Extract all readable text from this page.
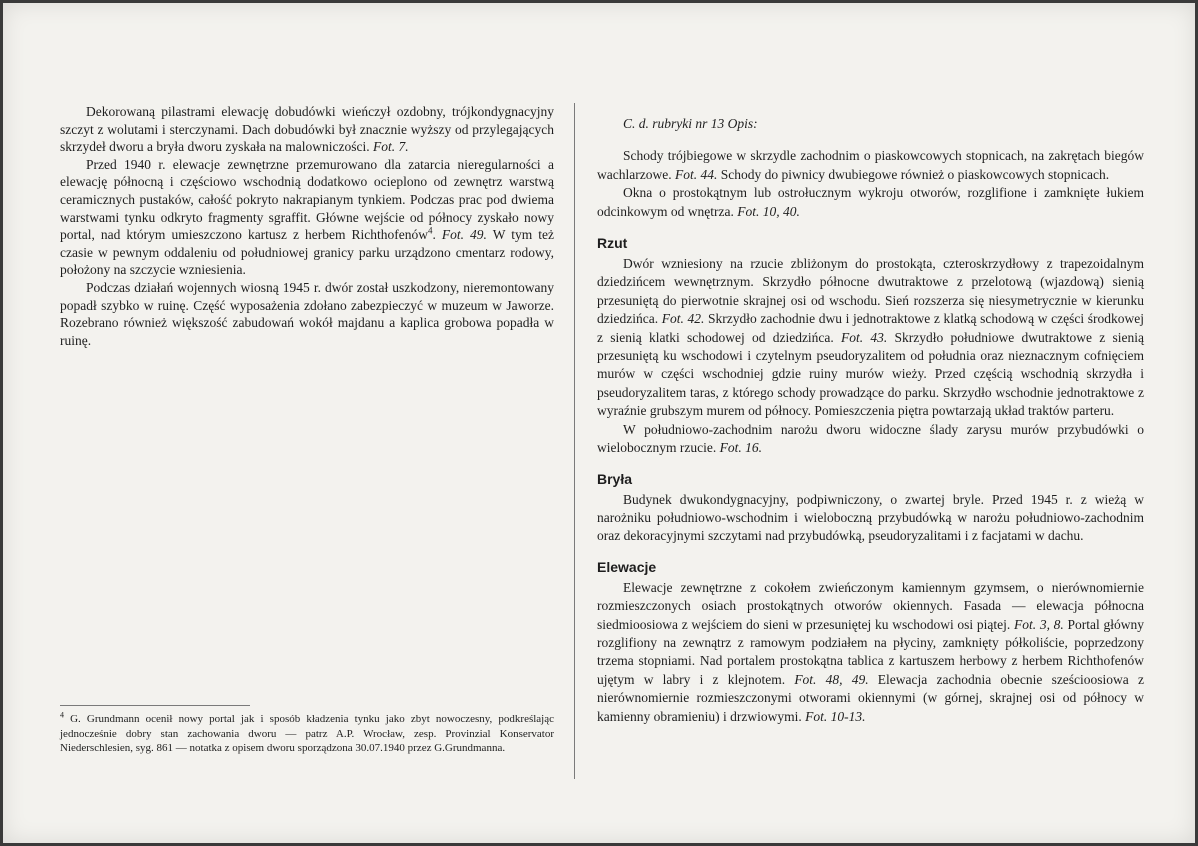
Dekorowaną pilastrami elewację dobudówki wieńczył ozdobny, trójkondygnacyjny szczyt z wolutami i sterczynami. Dach dobudówki był znacznie wyższy od przylegających skrzydeł dworu a bryła dworu zyskała na malowniczości. Fot. 7.

Przed 1940 r. elewacje zewnętrzne przemurowano dla zatarcia nieregularności a elewację północną i częściowo wschodnią dodatkowo ocieplono od zewnętrz warstwą ceramicznych pustaków, całość pokryto nakrapianym tynkiem. Podczas prac pod dwiema warstwami tynku odkryto fragmenty sgraffit. Główne wejście od północy zyskało nowy portal, nad którym umieszczono kartusz z herbem Richthofenów$^4$. Fot. 49. W tym też czasie w pewnym oddaleniu od południowej granicy parku urządzono cmentarz rodowy, położony na szczycie wzniesienia.

Podczas działań wojennych wiosną 1945 r. dwór został uszkodzony, nieremontowany popadł szybko w ruinę. Część wyposażenia zdołano zabezpieczyć w muzeum w Jaworze. Rozebrano również większość zabudowań wokół majdanu a kaplica grobowa popadła w ruinę.

$^4$ G. Grundmann ocenił nowy portal jak i sposób kładzenia tynku jako zbyt nowoczesny, podkreślając jednocześnie dobry stan zachowania dworu — patrz A.P. Wrocław, zesp. Provinzial Konservator Niederschlesien, syg. 861 — notatka z opisem dworu sporządzona 30.07.1940 przez G.Grundmanna.

C. d. rubryki nr 13 Opis:

Schody trójbiegowe w skrzydle zachodnim o piaskowcowych stopnicach, na zakrętach biegów wachlarzowe. Fot. 44. Schody do piwnicy dwubiegowe również o piaskowcowych stopnicach.

Okna o prostokątnym lub ostrołucznym wykroju otworów, rozglifione i zamknięte łukiem odcinkowym od wnętrza. Fot. 10, 40.

Rzut

Dwór wzniesiony na rzucie zbliżonym do prostokąta, czteroskrzydłowy z trapezoidalnym dziedzińcem wewnętrznym. Skrzydło północne dwutraktowe z przelotową (wjazdową) sienią przesuniętą do pierwotnie skrajnej osi od wschodu. Sień rozszerza się niesymetrycznie w kierunku dziedzińca. Fot. 42. Skrzydło zachodnie dwu i jednotraktowe z klatką schodową w części środkowej z sienią klatki schodowej od dziedzińca. Fot. 43. Skrzydło południowe dwutraktowe z sienią przesuniętą ku wschodowi i czytelnym pseudoryzalitem od południa oraz nieznacznym cofnięciem murów w części wschodniej gdzie ruiny murów wieży. Przed częścią wschodnią skrzydła i pseudoryzalitem taras, z którego schody prowadzące do parku. Skrzydło wschodnie jednotraktowe z wyraźnie grubszym murem od północy. Pomieszczenia piętra powtarzają układ traktów parteru.

W południowo-zachodnim narożu dworu widoczne ślady zarysu murów przybudówki o wielobocznym rzucie. Fot. 16.

Bryła

Budynek dwukondygnacyjny, podpiwniczony, o zwartej bryle. Przed 1945 r. z wieżą w narożniku południowo-wschodnim i wieloboczną przybudówką w narożu południowo-zachodnim oraz dekoracyjnymi szczytami nad przybudówką, pseudoryzalitami i z facjatami w dachu.

Elewacje

Elewacje zewnętrzne z cokołem zwieńczonym kamiennym gzymsem, o nierównomiernie rozmieszczonych osiach prostokątnych otworów okiennych. Fasada — elewacja północna siedmioosiowa z wejściem do sieni w przesuniętej ku wschodowi osi piątej. Fot. 3, 8. Portal główny rozglifiony na zewnątrz z ramowym podziałem na płyciny, zamknięty półkoliście, poprzedzony trzema stopniami. Nad portalem prostokątna tablica z kartuszem herbowy z herbem Richthofenów ujętym w labry i z klejnotem. Fot. 48, 49. Elewacja zachodnia obecnie sześcioosiowa z nierównomiernie rozmieszczonymi otworami okiennymi (w górnej, skrajnej osi od północy w kamienny obramieniu) i drzwiowymi. Fot. 10-13.
